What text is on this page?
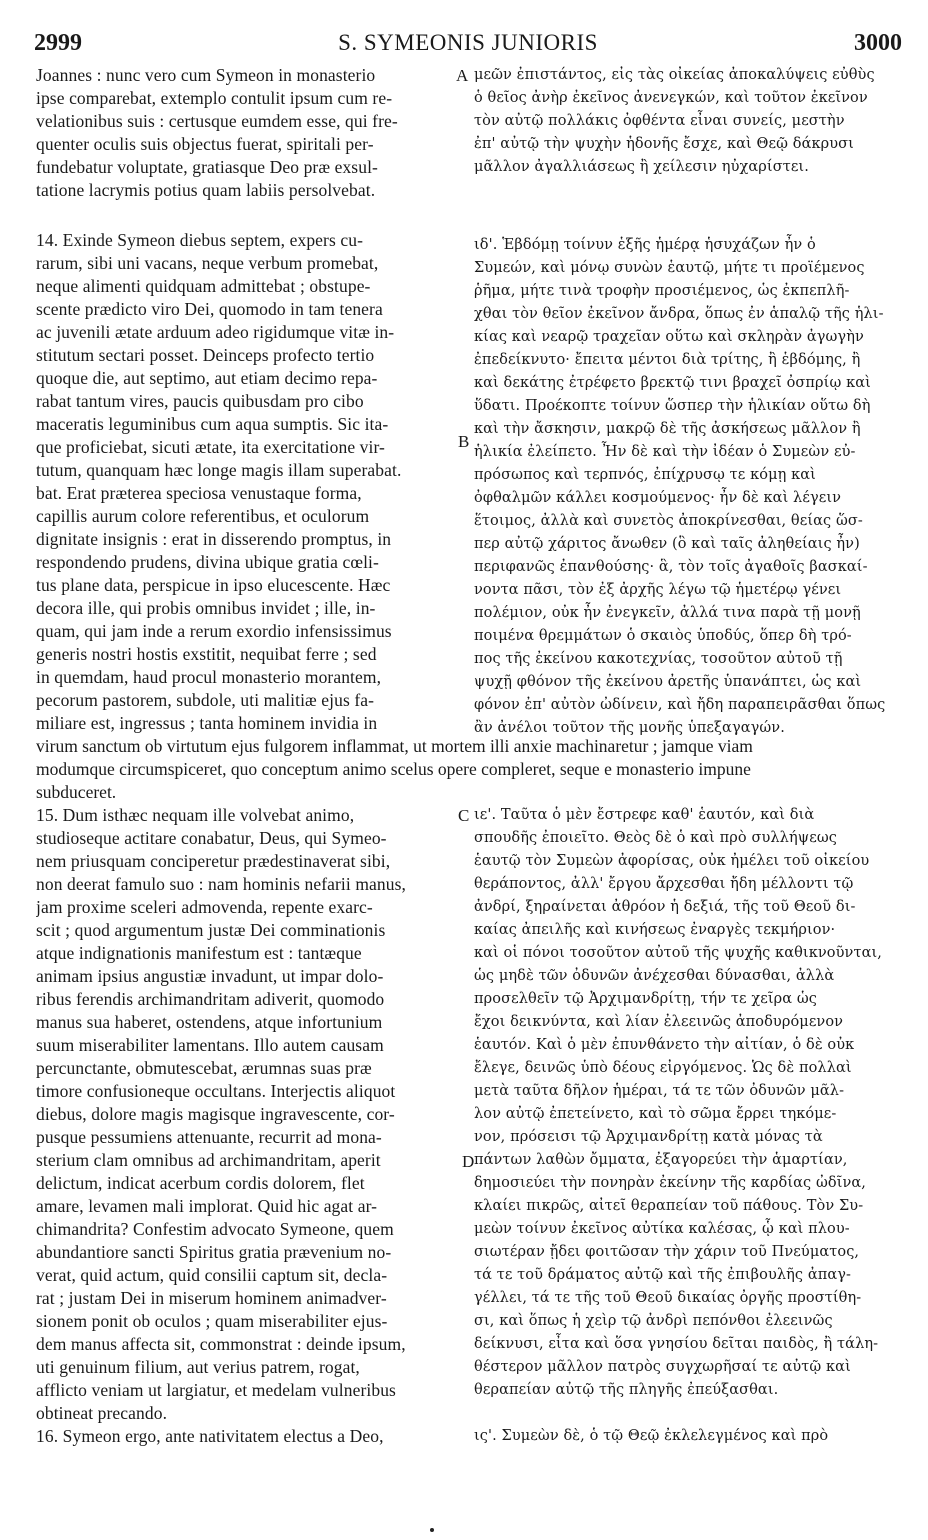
2999	S. SYMEONIS JUNIORIS	3000
Joannes : nunc vero cum Symeon in monasterio
ipse comparebat, extemplo contulit ipsum cum re-
velationibus suis : certusque eumdem esse, qui fre-
quenter oculis suis objectus fuerat, spiritali per-
fundebatur voluptate, gratiasque Deo præ exsul-
tatione lacrymis potius quam labiis persolvebat.
μεῶν ἐπιστάντος, εἰς τὰς οἰκείας ἀποκαλύψεις εὐθὺς
ὁ θεῖος ἀνὴρ ἐκεῖνος ἀνενεγκών, καὶ τοῦτον ἐκεῖνον
τὸν αὐτῷ πολλάκις ὀφθέντα εἶναι συνείς, μεστὴν
ἐπ' αὐτῷ τὴν ψυχὴν ἡδονῆς ἔσχε, καὶ Θεῷ δάκρυσι
μᾶλλον ἀγαλλιάσεως ἢ χείλεσιν ηὐχαρίστει.
14. Exinde Symeon diebus septem, expers cu-
rarum, sibi uni vacans, neque verbum promebat,
neque alimenti quidquam admittebat ; obstupe-
scente prædicto viro Dei, quomodo in tam tenera
ac juvenili ætate arduum adeo rigidumque vitæ in-
stitutum sectari posset. Deinceps profecto tertio
quoque die, aut septimo, aut etiam decimo repa-
rabat tantum vires, paucis quibusdam pro cibo
maceratis leguminibus cum aqua sumptis. Sic ita-
que proficiebat, sicuti ætate, ita exercitatione vir-
tutum, quanquam hæc longe magis illam superabat.
bat. Erat præterea speciosa venustaque forma,
capillis aurum colore referentibus, et oculorum
dignitate insignis : erat in disserendo promptus, in
respondendo prudens, divina ubique gratia cœli-
tus plane data, perspicue in ipso elucescente. Hæc
decora ille, qui probis omnibus invidet ; ille, in-
quam, qui jam inde a rerum exordio infensissimus
generis nostri hostis exstitit, nequibat ferre ; sed
in quemdam, haud procul monasterio morantem,
pecorum pastorem, subdole, uti malitiæ ejus fa-
miliare est, ingressus ; tanta hominem invidia in
ιδ'. Ἑβδόμῃ τοίνυν ἑξῆς ἡμέρᾳ ἡσυχάζων ἦν ὁ
Συμεών, καὶ μόνῳ συνὼν ἑαυτῷ, μήτε τι προϊέμενος
ῥῆμα, μήτε τινὰ τροφὴν προσιέμενος, ὡς ἐκπεπλῆ-
χθαι τὸν θεῖον ἐκεῖνον ἄνδρα, ὅπως ἐν ἁπαλῷ τῆς ἡλι-
κίας καὶ νεαρῷ τραχεῖαν οὕτω καὶ σκληρὰν ἀγωγὴν
ἐπεδείκνυτο· ἔπειτα μέντοι διὰ τρίτης, ἢ ἑβδόμης, ἢ
καὶ δεκάτης ἐτρέφετο βρεκτῷ τινι βραχεῖ ὀσπρίῳ καὶ
ὕδατι. Προέκοπτε τοίνυν ὥσπερ τὴν ἡλικίαν οὕτω δὴ
καὶ τὴν ἄσκησιν, μακρῷ δὲ τῆς ἀσκήσεως μᾶλλον ἢ
ἡλικία ἐλείπετο. Ἦν δὲ καὶ τὴν ἰδέαν ὁ Συμεὼν εὐ-
πρόσωπος καὶ τερπνός, ἐπίχρυσῳ τε κόμῃ καὶ
ὀφθαλμῶν κάλλει κοσμούμενος· ἦν δὲ καὶ λέγειν
ἕτοιμος, ἀλλὰ καὶ συνετὸς ἀποκρίνεσθαι, θείας ὥσ-
περ αὐτῷ χάριτος ἄνωθεν (ὃ καὶ ταῖς ἀληθείαις ἦν)
περιφανῶς ἐπανθούσης· ἃ, τὸν τοῖς ἀγαθοῖς βασκαί-
νοντα πᾶσι, τὸν ἐξ ἀρχῆς λέγω τῷ ἡμετέρῳ γένει
πολέμιον, οὐκ ἦν ἐνεγκεῖν, ἀλλά τινα παρὰ τῇ μονῇ
ποιμένα θρεμμάτων ὁ σκαιὸς ὑποδύς, ὅπερ δὴ τρό-
πος τῆς ἐκείνου κακοτεχνίας, τοσοῦτον αὐτοῦ τῇ
ψυχῇ φθόνον τῆς ἐκείνου ἀρετῆς ὑπανάπτει, ὡς καὶ
φόνον ἐπ' αὐτὸν ὠδίνειν, καὶ ἤδη παραπειρᾶσθαι ὅπως
ἂν ἀνέλοι τοῦτον τῆς μονῆς ὑπεξαγαγών.
virum sanctum ob virtutum ejus fulgorem inflammat, ut mortem illi anxie machinaretur ; jamque viam
modumque circumspiceret, quo conceptum animo scelus opere compleret, seque e monasterio impune
subduceret.
15. Dum isthæc nequam ille volvebat animo,
studioseque actitare conabatur, Deus, qui Symeo-
nem priusquam conciperetur prædestinaverat sibi,
non deerat famulo suo : nam hominis nefarii manus,
jam proxime sceleri admovenda, repente exarc-
scit ; quod argumentum justæ Dei comminationis
atque indignationis manifestum est : tantæque
animam ipsius angustiæ invadunt, ut impar dolo-
ribus ferendis archimandritam adiverit, quomodo
manus sua haberet, ostendens, atque infortunium
suum miserabiliter lamentans. Illo autem causam
percunctante, obmutescebat, ærumnas suas præ
timore confusioneque occultans. Interjectis aliquot
diebus, dolore magis magisque ingravescente, cor-
pusque pessumiens attenuante, recurrit ad mona-
sterium clam omnibus ad archimandritam, aperit
delictum, indicat acerbum cordis dolorem, flet
amare, levamen mali implorat. Quid hic agat ar-
chimandrita? Confestim advocato Symeone, quem
abundantiore sancti Spiritus gratia prævenium no-
verat, quid actum, quid consilii captum sit, decla-
rat ; justam Dei in miserum hominem animadver-
sionem ponit ob oculos ; quam miserabiliter ejus-
dem manus affecta sit, commonstrat : deinde ipsum,
uti genuinum filium, aut verius patrem, rogat,
afflicto veniam ut largiatur, et medelam vulneribus
obtineat precando.
16. Symeon ergo, ante nativitatem electus a Deo,
ιε'. Ταῦτα ὁ μὲν ἔστρεφε καθ' ἑαυτόν, καὶ διὰ
σπουδῆς ἐποιεῖτο. Θεὸς δὲ ὁ καὶ πρὸ συλλήψεως
ἑαυτῷ τὸν Συμεὼν ἀφορίσας, οὐκ ἠμέλει τοῦ οἰκείου
θεράποντος, ἀλλ' ἔργου ἄρχεσθαι ἤδη μέλλοντι τῷ
ἀνδρί, ξηραίνεται ἀθρόον ἡ δεξιά, τῆς τοῦ Θεοῦ δι-
καίας ἀπειλῆς καὶ κινήσεως ἐναργὲς τεκμήριον·
καὶ οἱ πόνοι τοσοῦτον αὐτοῦ τῆς ψυχῆς καθικνοῦνται,
ὡς μηδὲ τῶν ὀδυνῶν ἀνέχεσθαι δύνασθαι, ἀλλὰ
προσελθεῖν τῷ Ἀρχιμανδρίτῃ, τήν τε χεῖρα ὡς
ἔχοι δεικνύντα, καὶ λίαν ἐλεεινῶς ἀποδυρόμενον
ἑαυτόν. Καὶ ὁ μὲν ἐπυνθάνετο τὴν αἰτίαν, ὁ δὲ οὐκ
ἔλεγε, δεινῶς ὑπὸ δέους εἰργόμενος. Ὡς δὲ πολλαὶ
μετὰ ταῦτα δῆλον ἡμέραι, τά τε τῶν ὀδυνῶν μᾶλ-
λον αὐτῷ ἐπετείνετο, καὶ τὸ σῶμα ἔρρει τηκόμε-
νον, πρόσεισι τῷ Ἀρχιμανδρίτῃ κατὰ μόνας τὰ
πάντων λαθὼν ὄμματα, ἐξαγορεύει τὴν ἁμαρτίαν,
δημοσιεύει τὴν πονηρὰν ἐκείνην τῆς καρδίας ὠδῖνα,
κλαίει πικρῶς, αἰτεῖ θεραπείαν τοῦ πάθους. Τὸν Συ-
μεὼν τοίνυν ἐκεῖνος αὐτίκα καλέσας, ᾧ καὶ πλου-
σιωτέραν ᾔδει φοιτῶσαν τὴν χάριν τοῦ Πνεύματος,
τά τε τοῦ δράματος αὐτῷ καὶ τῆς ἐπιβουλῆς ἀπαγ-
γέλλει, τά τε τῆς τοῦ Θεοῦ δικαίας ὀργῆς προστίθη-
σι, καὶ ὅπως ἡ χεὶρ τῷ ἀνδρὶ πεπόνθοι ἐλεεινῶς
δείκνυσι, εἶτα καὶ ὅσα γνησίου δεῖται παιδὸς, ἢ τάλη-
θέστερον μᾶλλον πατρὸς συγχωρῆσαί τε αὐτῷ καὶ
θεραπείαν αὐτῷ τῆς πληγῆς ἐπεύξασθαι.
ις'. Συμεὼν δὲ, ὁ τῷ Θεῷ ἐκλελεγμένος καὶ πρὸ
A
B
C
D
